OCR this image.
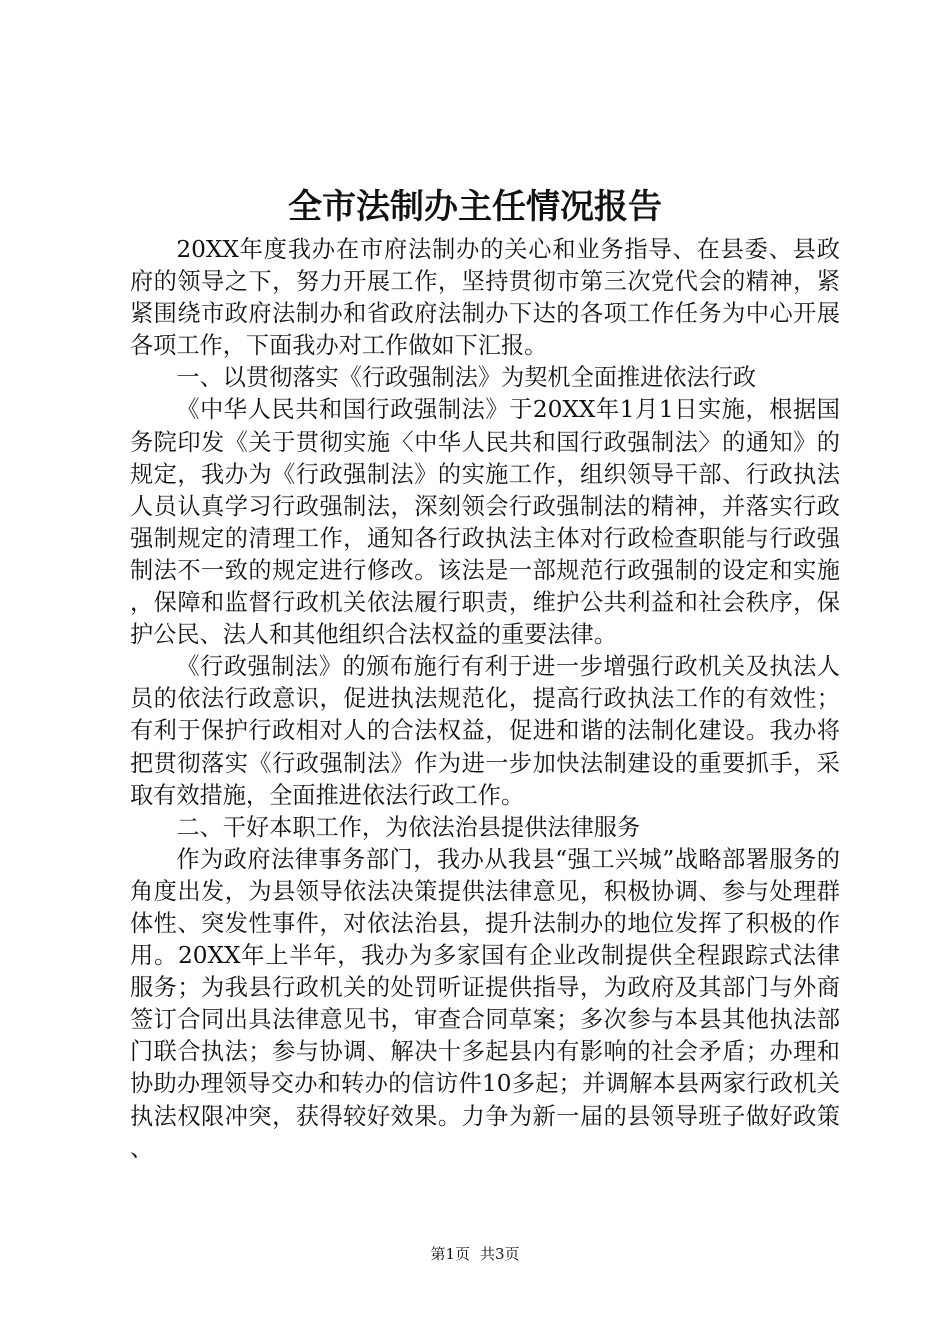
全市法制办主任情况报告

20XX年度我办在市府法制办的关心和业务指导、在县委、县政府的领导之下，努力开展工作，坚持贯彻市第三次党代会的精神，紧紧围绕市政府法制办和省政府法制办下达的各项工作任务为中心开展各项工作，下面我办对工作做如下汇报。

一、以贯彻落实《行政强制法》为契机全面推进依法行政

《中华人民共和国行政强制法》于20XX年1月1日实施，根据国务院印发《关于贯彻实施〈中华人民共和国行政强制法〉的通知》的规定，我办为《行政强制法》的实施工作，组织领导干部、行政执法人员认真学习行政强制法，深刻领会行政强制法的精神，并落实行政强制规定的清理工作，通知各行政执法主体对行政检查职能与行政强制法不一致的规定进行修改。该法是一部规范行政强制的设定和实施，保障和监督行政机关依法履行职责，维护公共利益和社会秩序，保护公民、法人和其他组织合法权益的重要法律。

《行政强制法》的颁布施行有利于进一步增强行政机关及执法人员的依法行政意识，促进执法规范化，提高行政执法工作的有效性；有利于保护行政相对人的合法权益，促进和谐的法制化建设。我办将把贯彻落实《行政强制法》作为进一步加快法制建设的重要抓手，采取有效措施，全面推进依法行政工作。

二、干好本职工作，为依法治县提供法律服务

作为政府法律事务部门，我办从我县“强工兴城”战略部署服务的角度出发，为县领导依法决策提供法律意见，积极协调、参与处理群体性、突发性事件，对依法治县，提升法制办的地位发挥了积极的作用。20XX年上半年，我办为多家国有企业改制提供全程跟踪式法律服务；为我县行政机关的处罚听证提供指导，为政府及其部门与外商签订合同出具法律意见书，审查合同草案；多次参与本县其他执法部门联合执法；参与协调、解决十多起县内有影响的社会矛盾；办理和协助办理领导交办和转办的信访件10多起；并调解本县两家行政机关执法权限冲突，获得较好效果。力争为新一届的县领导班子做好政策、

第1页 共3页
